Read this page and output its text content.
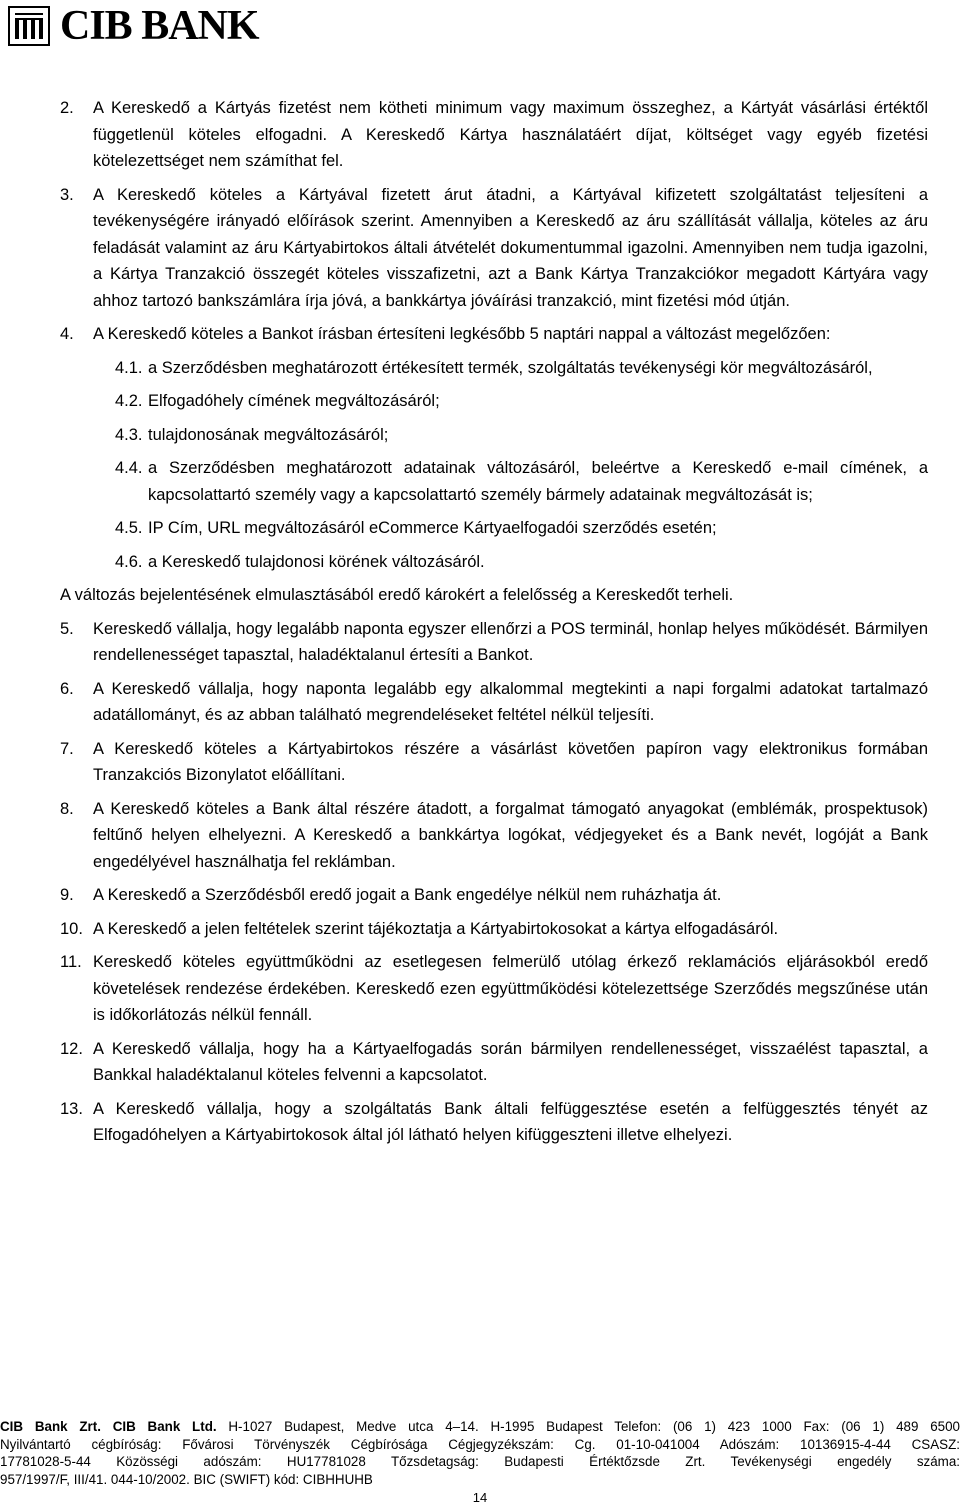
CIB BANK
2.	A Kereskedő a Kártyás fizetést nem kötheti minimum vagy maximum összeghez, a Kártyát vásárlási értéktől függetlenül köteles elfogadni. A Kereskedő Kártya használatáért díjat, költséget vagy egyéb fizetési kötelezettséget nem számíthat fel.
3.	A Kereskedő köteles a Kártyával fizetett árut átadni, a Kártyával kifizetett szolgáltatást teljesíteni a tevékenységére irányadó előírások szerint. Amennyiben a Kereskedő az áru szállítását vállalja, köteles az áru feladását valamint az áru Kártyabirtokos általi átvételét dokumentummal igazolni. Amennyiben nem tudja igazolni, a Kártya Tranzakció összegét köteles visszafizetni, azt a Bank Kártya Tranzakciókor megadott Kártyára vagy ahhoz tartozó bankszámlára írja jóvá, a bankkártya jóváírási tranzakció, mint fizetési mód útján.
4.	A Kereskedő köteles a Bankot írásban értesíteni legkésőbb 5 naptári nappal a változást megelőzően:
4.1. a Szerződésben meghatározott értékesített termék, szolgáltatás tevékenységi kör megváltozásáról,
4.2. Elfogadóhely címének megváltozásáról;
4.3. tulajdonosának megváltozásáról;
4.4. a Szerződésben meghatározott adatainak változásáról, beleértve a Kereskedő e-mail címének, a kapcsolattartó személy vagy a kapcsolattartó személy bármely adatainak megváltozását is;
4.5. IP Cím, URL megváltozásáról eCommerce Kártyaelfogadói szerződés esetén;
4.6. a Kereskedő tulajdonosi körének változásáról.
A változás bejelentésének elmulasztásából eredő károkért a felelősség a Kereskedőt terheli.
5.	Kereskedő vállalja, hogy legalább naponta egyszer ellenőrzi a POS terminál, honlap helyes működését. Bármilyen rendellenességet tapasztal, haladéktalanul értesíti a Bankot.
6.	A Kereskedő vállalja, hogy naponta legalább egy alkalommal megtekinti a napi forgalmi adatokat tartalmazó adatállományt, és az abban található megrendeléseket feltétel nélkül teljesíti.
7.	A Kereskedő köteles a Kártyabirtokos részére a vásárlást követően papíron vagy elektronikus formában Tranzakciós Bizonylatot előállítani.
8.	A Kereskedő köteles a Bank által részére átadott, a forgalmat támogató anyagokat (emblémák, prospektusok) feltűnő helyen elhelyezni. A Kereskedő a bankkártya logókat, védjegyeket és a Bank nevét, logóját a Bank engedélyével használhatja fel reklámban.
9.	A Kereskedő a Szerződésből eredő jogait a Bank engedélye nélkül nem ruházhatja át.
10. A Kereskedő a jelen feltételek szerint tájékoztatja a Kártyabirtokosokat a kártya elfogadásáról.
11. Kereskedő köteles együttműködni az esetlegesen felmerülő utólag érkező reklamációs eljárásokból eredő követelések rendezése érdekében. Kereskedő ezen együttműködési kötelezettsége Szerződés megszűnése után is időkorlátozás nélkül fennáll.
12. A Kereskedő vállalja, hogy ha a Kártyaelfogadás során bármilyen rendellenességet, visszaélést tapasztal, a Bankkal haladéktalanul köteles felvenni a kapcsolatot.
13. A Kereskedő vállalja, hogy a szolgáltatás Bank általi felfüggesztése esetén a felfüggesztés tényét az Elfogadóhelyen a Kártyabirtokosok által jól látható helyen kifüggeszteni illetve elhelyezi.

CIB Bank Zrt. CIB Bank Ltd. H-1027 Budapest, Medve utca 4–14. H-1995 Budapest Telefon: (06 1) 423 1000 Fax: (06 1) 489 6500

Nyilvántartó cégbíróság: Fővárosi Törvényszék Cégbírósága Cégjegyzékszám: Cg. 01-10-041004 Adószám: 10136915-4-44 CSASZ:

17781028-5-44 Közösségi adószám: HU17781028 Tőzsdetagság: Budapesti Értéktőzsde Zrt. Tevékenységi engedély száma:

957/1997/F, III/41. 044-10/2002. BIC (SWIFT) kód: CIBHHUHB

14
